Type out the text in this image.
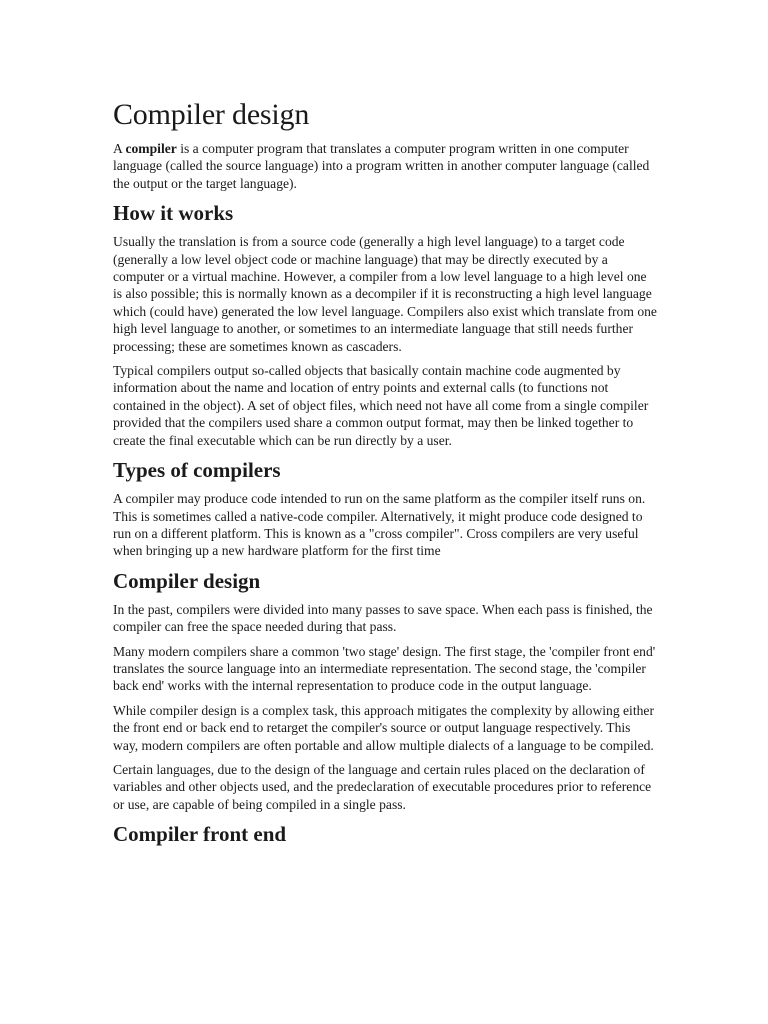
Compiler design

A compiler is a computer program that translates a computer program written in one computer language (called the source language) into a program written in another computer language (called the output or the target language).

How it works

Usually the translation is from a source code (generally a high level language) to a target code (generally a low level object code or machine language) that may be directly executed by a computer or a virtual machine. However, a compiler from a low level language to a high level one is also possible; this is normally known as a decompiler if it is reconstructing a high level language which (could have) generated the low level language. Compilers also exist which translate from one high level language to another, or sometimes to an intermediate language that still needs further processing; these are sometimes known as cascaders.

Typical compilers output so-called objects that basically contain machine code augmented by information about the name and location of entry points and external calls (to functions not contained in the object). A set of object files, which need not have all come from a single compiler provided that the compilers used share a common output format, may then be linked together to create the final executable which can be run directly by a user.

Types of compilers

A compiler may produce code intended to run on the same platform as the compiler itself runs on. This is sometimes called a native-code compiler. Alternatively, it might produce code designed to run on a different platform. This is known as a "cross compiler". Cross compilers are very useful when bringing up a new hardware platform for the first time

Compiler design

In the past, compilers were divided into many passes to save space. When each pass is finished, the compiler can free the space needed during that pass.

Many modern compilers share a common 'two stage' design. The first stage, the 'compiler front end' translates the source language into an intermediate representation. The second stage, the 'compiler back end' works with the internal representation to produce code in the output language.

While compiler design is a complex task, this approach mitigates the complexity by allowing either the front end or back end to retarget the compiler's source or output language respectively. This way, modern compilers are often portable and allow multiple dialects of a language to be compiled.

Certain languages, due to the design of the language and certain rules placed on the declaration of variables and other objects used, and the predeclaration of executable procedures prior to reference or use, are capable of being compiled in a single pass.

Compiler front end
